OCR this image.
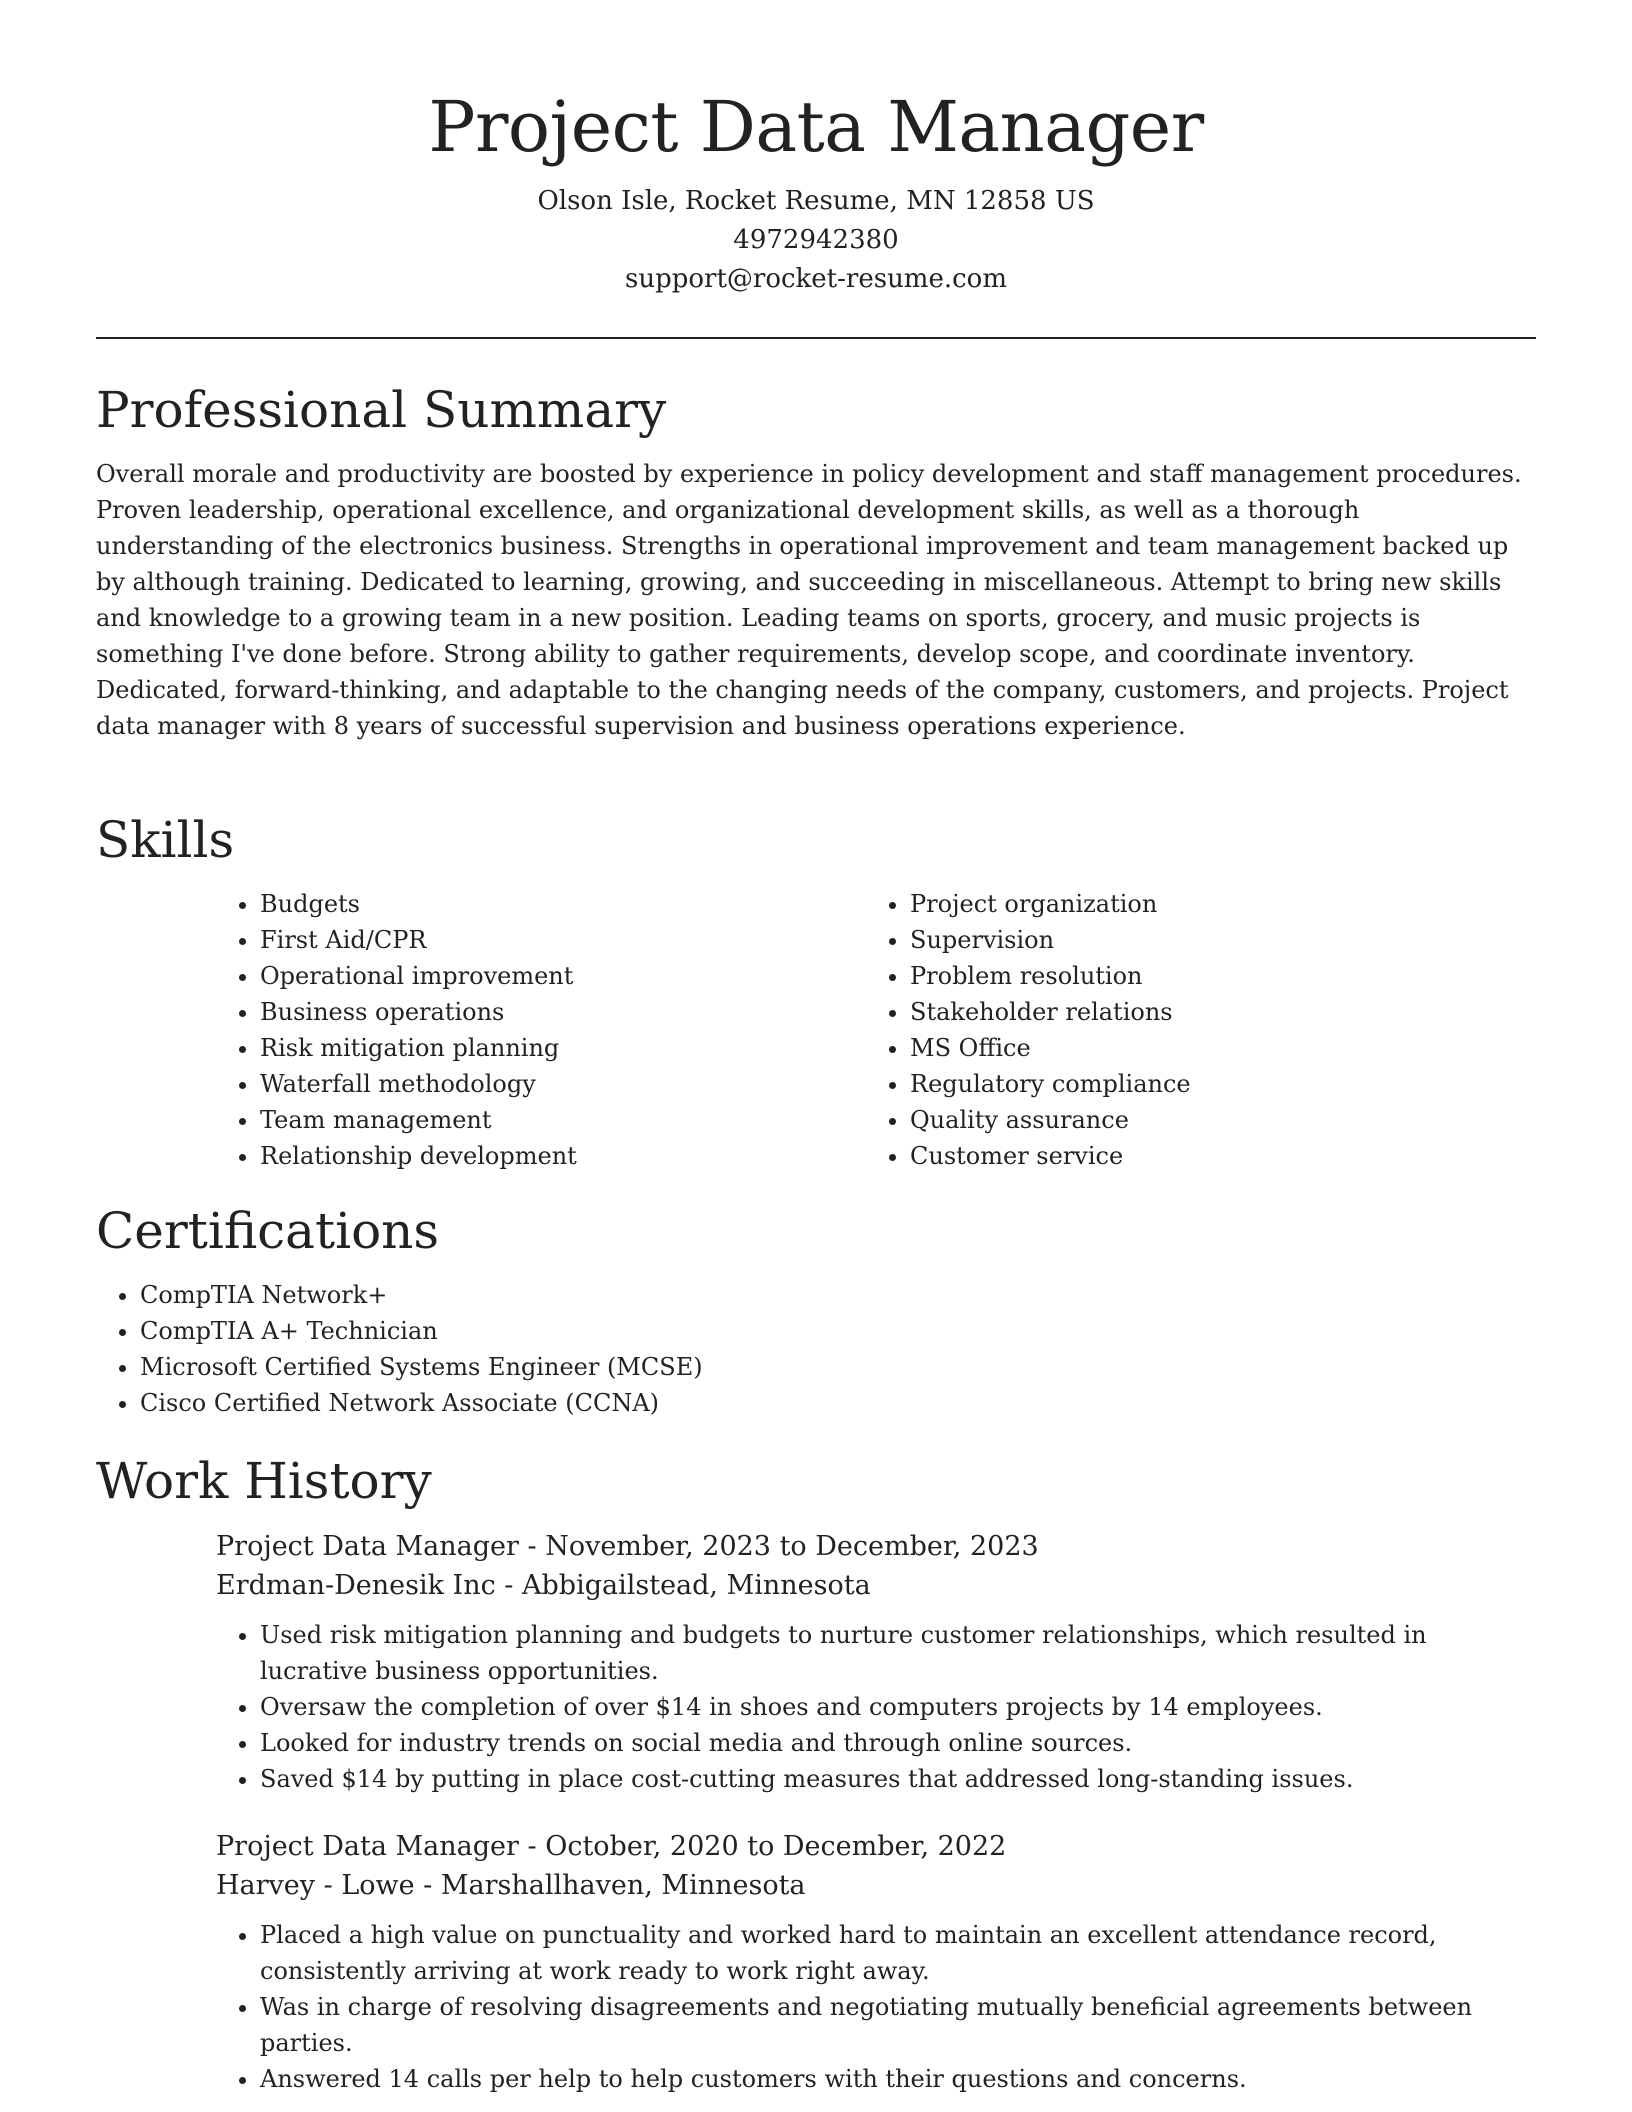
Project Data Manager

Olson Isle, Rocket Resume, MN 12858 US

4972942380

support@rocket-resume.com

Professional Summary

Overall morale and productivity are boosted by experience in policy development and staff management procedures. Proven leadership, operational excellence, and organizational development skills, as well as a thorough understanding of the electronics business. Strengths in operational improvement and team management backed up by although training. Dedicated to learning, growing, and succeeding in miscellaneous. Attempt to bring new skills and knowledge to a growing team in a new position. Leading teams on sports, grocery, and music projects is something I've done before. Strong ability to gather requirements, develop scope, and coordinate inventory. Dedicated, forward-thinking, and adaptable to the changing needs of the company, customers, and projects. Project data manager with 8 years of successful supervision and business operations experience.

Skills
• Budgets
• First Aid/CPR
• Operational improvement
• Business operations
• Risk mitigation planning
• Waterfall methodology
• Team management
• Relationship development
• Project organization
• Supervision
• Problem resolution
• Stakeholder relations
• MS Office
• Regulatory compliance
• Quality assurance
• Customer service
Certifications
• CompTIA Network+
• CompTIA A+ Technician
• Microsoft Certified Systems Engineer (MCSE)
• Cisco Certified Network Associate (CCNA)
Work History

Project Data Manager - November, 2023 to December, 2023

Erdman-Denesik Inc - Abbigailstead, Minnesota

• Used risk mitigation planning and budgets to nurture customer relationships, which resulted in lucrative business opportunities.
• Oversaw the completion of over $14 in shoes and computers projects by 14 employees.
• Looked for industry trends on social media and through online sources.
• Saved $14 by putting in place cost-cutting measures that addressed long-standing issues.

Project Data Manager - October, 2020 to December, 2022

Harvey - Lowe - Marshallhaven, Minnesota

• Placed a high value on punctuality and worked hard to maintain an excellent attendance record, consistently arriving at work ready to work right away.
• Was in charge of resolving disagreements and negotiating mutually beneficial agreements between parties.
• Answered 14 calls per help to help customers with their questions and concerns.
